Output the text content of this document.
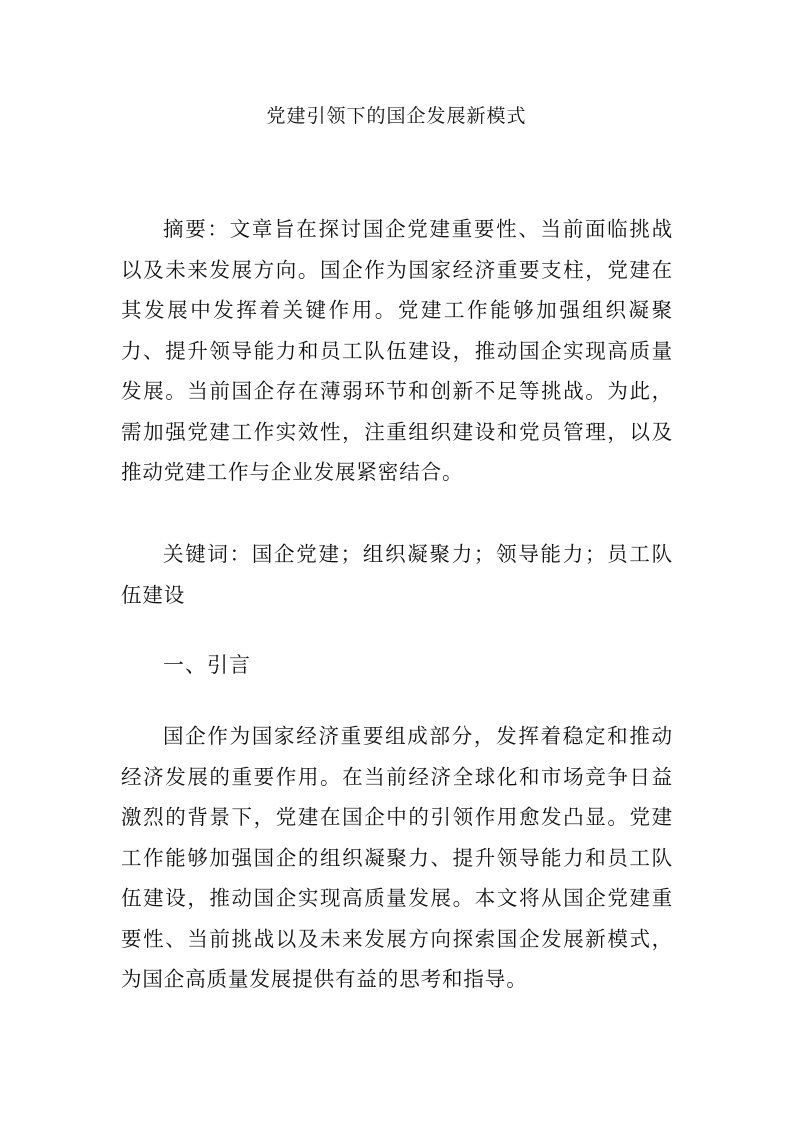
党建引领下的国企发展新模式

摘要：文章旨在探讨国企党建重要性、当前面临挑战以及未来发展方向。国企作为国家经济重要支柱，党建在其发展中发挥着关键作用。党建工作能够加强组织凝聚力、提升领导能力和员工队伍建设，推动国企实现高质量发展。当前国企存在薄弱环节和创新不足等挑战。为此，需加强党建工作实效性，注重组织建设和党员管理，以及推动党建工作与企业发展紧密结合。

关键词：国企党建；组织凝聚力；领导能力；员工队伍建设

一、引言

国企作为国家经济重要组成部分，发挥着稳定和推动经济发展的重要作用。在当前经济全球化和市场竞争日益激烈的背景下，党建在国企中的引领作用愈发凸显。党建工作能够加强国企的组织凝聚力、提升领导能力和员工队伍建设，推动国企实现高质量发展。本文将从国企党建重要性、当前挑战以及未来发展方向探索国企发展新模式，为国企高质量发展提供有益的思考和指导。
